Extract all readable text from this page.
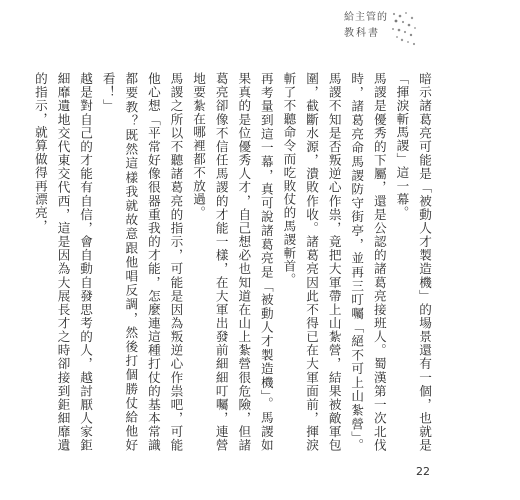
給主管的
教科書

暗示諸葛亮可能是「被動人才製造機」的場景還有一個，也就是「揮淚斬馬謖」這一幕。

馬謖是優秀的下屬，還是公認的諸葛亮接班人。蜀漢第一次北伐時，諸葛亮命馬謖防守街亭，並再三叮囑「絕不可上山紮營」。馬謖不知是否叛逆心作祟，竟把大軍帶上山紮營，結果被敵軍包圍，截斷水源，潰敗作收。諸葛亮因此不得已在大軍面前，揮淚斬了不聽命令而吃敗仗的馬謖斬首。

再考量到這一幕，真可說諸葛亮是「被動人才製造機」。馬謖如果真的是位優秀人才，自己想必也知道在山上紮營很危險，但諸葛亮卻像不信任馬謖的才能一樣，在大軍出發前細細叮囑，連營地要紮在哪裡都不放過。

馬謖之所以不聽諸葛亮的指示，可能是因為叛逆心作祟吧，可能他心想「平常好像很器重我的才能，怎麼連這種打仗的基本常識都要教？既然這樣我就故意跟他唱反調，然後打個勝仗給他好看！」

越是對自己的才能有自信，會自動自發思考的人，越討厭人家鉅細靡遺地交代東交代西，這是因為大展長才之時卻接到鉅細靡遺的指示，就算做得再漂亮，

22
